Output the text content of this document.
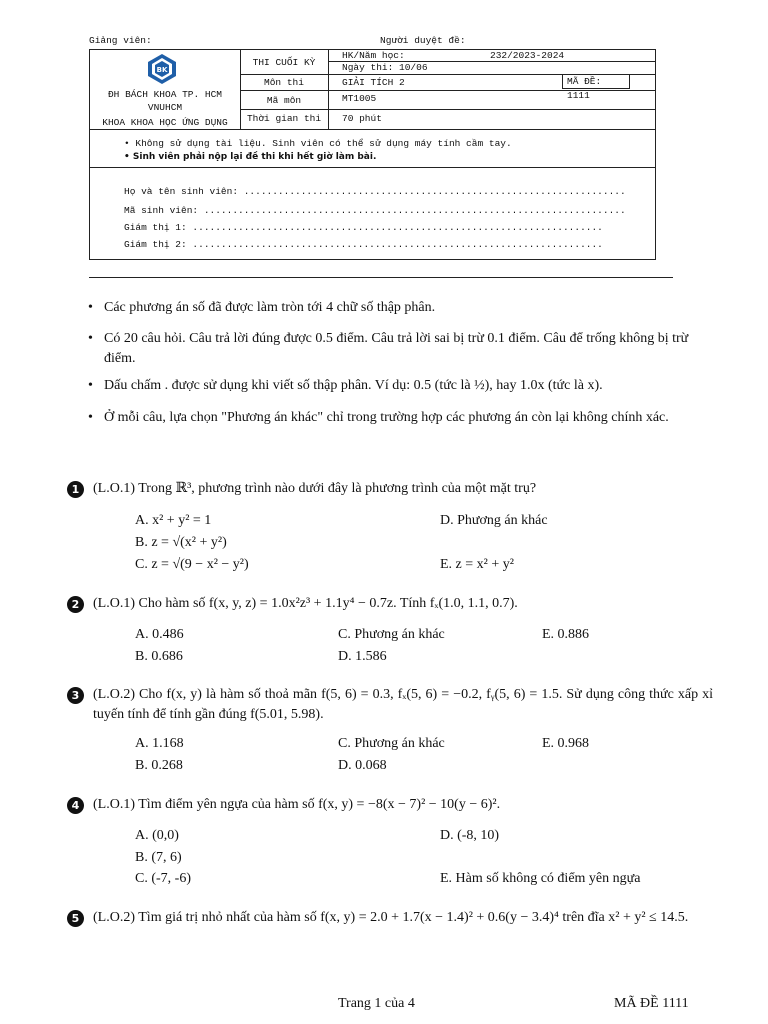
Giảng viên:	Người duyệt đề:
BK
ĐH BÁCH KHOA TP. HCM
VNUHCM
KHOA KHOA HỌC ỨNG DỤNG
THI CUỐI KỲ
HK/Năm học:	232/2023-2024
Ngày thi: 10/06
Môn thi	GIẢI TÍCH 2	MÃ ĐỀ: 1111
Mã môn	MT1005
Thời gian thi	70 phút
• Không sử dụng tài liệu. Sinh viên có thể sử dụng máy tính cầm tay.
• Sinh viên phải nộp lại đề thi khi hết giờ làm bài.
Họ và tên sinh viên: ...................................................................
Mã sinh viên: ..........................................................................
Giám thị 1: ........................................................................
Giám thị 2: ........................................................................
• Các phương án số đã được làm tròn tới 4 chữ số thập phân.
• Có 20 câu hỏi. Câu trả lời đúng được 0.5 điểm. Câu trả lời sai bị trừ 0.1 điểm. Câu để trống không bị trừ điểm.
• Dấu chấm . được sử dụng khi viết số thập phân. Ví dụ: 0.5 (tức là ½), hay 1.0x (tức là x).
• Ở mỗi câu, lựa chọn "Phương án khác" chỉ trong trường hợp các phương án còn lại không chính xác.
1 (L.O.1) Trong ℝ³, phương trình nào dưới đây là phương trình của một mặt trụ?
A. x² + y² = 1
B. z = √(x² + y²)
C. z = √(9 − x² − y²)
D. Phương án khác
E. z = x² + y²
2 (L.O.1) Cho hàm số f(x, y, z) = 1.0x²z³ + 1.1y⁴ − 0.7z. Tính fₓ(1.0, 1.1, 0.7).
A. 0.486
B. 0.686
C. Phương án khác
D. 1.586
E. 0.886
3 (L.O.2) Cho f(x, y) là hàm số thoả mãn f(5, 6) = 0.3, fₓ(5, 6) = −0.2, fᵧ(5, 6) = 1.5. Sử dụng công thức xấp xỉ tuyến tính để tính gần đúng f(5.01, 5.98).
A. 1.168
B. 0.268
C. Phương án khác
D. 0.068
E. 0.968
4 (L.O.1) Tìm điểm yên ngựa của hàm số f(x, y) = −8(x − 7)² − 10(y − 6)².
A. (0,0)
B. (7, 6)
C. (-7, -6)
D. (-8, 10)
E. Hàm số không có điểm yên ngựa
5 (L.O.2) Tìm giá trị nhỏ nhất của hàm số f(x, y) = 2.0 + 1.7(x − 1.4)² + 0.6(y − 3.4)⁴ trên đĩa x² + y² ≤ 14.5.
Trang 1 của 4	MÃ ĐỀ 1111
